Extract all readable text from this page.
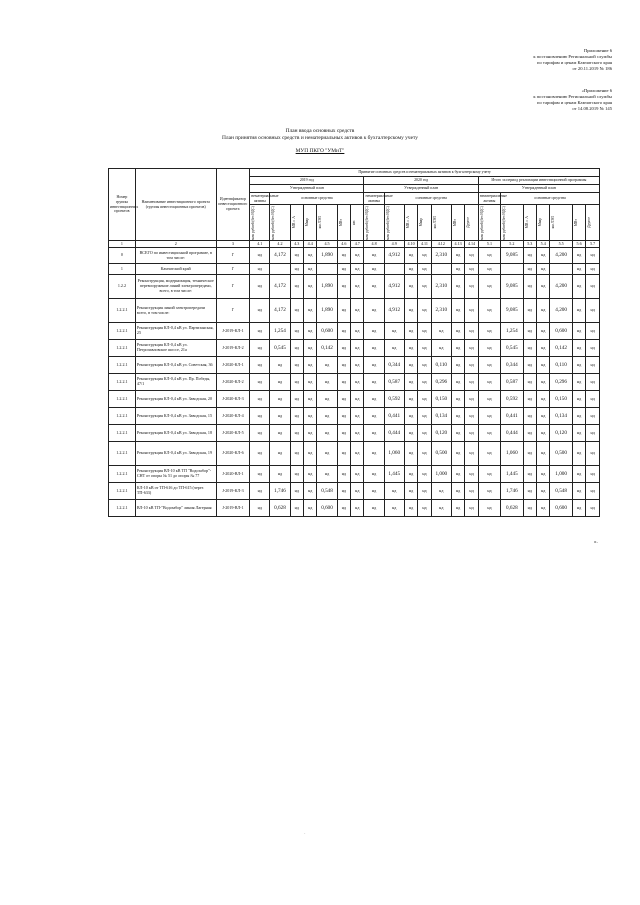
Приложение 6
к постановлению Региональной службы
по тарифам и ценам Камчатского края
от 20.11.2019 № 186
«Приложение 6
к постановлению Региональной службы
по тарифам и ценам Камчатского края
от 14.08.2019 № 145
План ввода основных средств
План принятия основных средств и нематериальных активов к бухгалтерскому учету
МУП ПКГО "УМиТ"
Номер группы инвестиционных проектов	Наименование инвестиционного проекта (группы инвестиционных проектов)	Идентификатор инвестиционного проекта	Принятие основных средств и нематериальных активов к бухгалтерскому учету																				
			2019 год							2020 год							Итого за период реализации инвестиционной программы						
			Утвержденный план							Утвержденный план							Утвержденный план						
			нематериальные активы	основные средства						нематериальные активы	основные средства						нематериальные активы	основные средства					

			млн рублей (без НДС)	млн рублей (без НДС)	МВ×А	Мвар	км ЛЭП	МВт	шт.	млн рублей (без НДС)	млн рублей (без НДС)	МВ×А	Мвар	км ЛЭП	МВт	Другое	млн рублей (без НДС)	млн рублей (без НДС)	МВ×А	Мвар	км ЛЭП	МВт	Другое

1	2	3	4.1	4.2	4.3	4.4	4.5	4.6	4.7	4.8	4.9	4.10	4.11	4.12	4.13	4.14	5.1	5.2	5.3	5.4	5.5	5.6	5.7
0	ВСЕГО по инвестиционной программе, в том числе:	Г	нд	4,172	нд	нд	1,890	нд	нд	нд	4,912	нд	нд	2,310	нд	нд	нд	9,085	нд	нд	4,200	нд	нд
1	Камчатский край	Г	нд		нд	нд		нд	нд	нд		нд	нд		нд	нд	нд		нд	нд		нд	нд
1.2.2	Реконструкция, модернизация, техническое перевооружение линий электропередачи, всего, в том числе:	Г	нд	4,172	нд	нд	1,890	нд	нд	нд	4,912	нд	нд	2,310	нд	нд	нд	9,085	нд	нд	4,200	нд	нд
1.2.2.1	Реконструкция линий электропередачи всего, в том числе:	Г	нд	4,172	нд	нд	1,890	нд	нд	нд	4,912	нд	нд	2,310	нд	нд	нд	9,085	нд	нд	4,200	нд	нд
1.2.2.1	Реконструкция КЛ-0,4 кВ ул. Партизанская, 25	J-2019-КЛ-1	нд	1,254	нд	нд	0,600	нд	нд	нд	нд	нд	нд	нд	нд	нд	нд	1,254	нд	нд	0,600	нд	нд
1.2.2.1	Реконструкция КЛ-0,4 кВ ул. Петропавловское шоссе, 21а	J-2019-КЛ-2	нд	0,545	нд	нд	0,142	нд	нд	нд	нд	нд	нд	нд	нд	нд	нд	0,545	нд	нд	0,142	нд	нд
1.2.2.1	Реконструкция КЛ-0,4 кВ ул. Советская, 36	J-2020-КЛ-1	нд	нд	нд	нд	нд	нд	нд	нд	0,344	нд	нд	0,110	нд	нд	нд	0,344	нд	нд	0,110	нд	нд
1.2.2.1	Реконструкция КЛ-0,4 кВ ул. Пр. Победы, 47/1	J-2020-КЛ-2	нд	нд	нд	нд	нд	нд	нд	нд	0,587	нд	нд	0,296	нд	нд	нд	0,587	нд	нд	0,296	нд	нд
1.2.2.1	Реконструкция КЛ-0,4 кВ ул. Заводская, 20	J-2020-КЛ-3	нд	нд	нд	нд	нд	нд	нд	нд	0,592	нд	нд	0,150	нд	нд	нд	0,592	нд	нд	0,150	нд	нд
1.2.2.1	Реконструкция КЛ-0,4 кВ ул. Заводская, 15	J-2020-КЛ-4	нд	нд	нд	нд	нд	нд	нд	нд	0,441	нд	нд	0,134	нд	нд	нд	0,441	нд	нд	0,134	нд	нд
1.2.2.1	Реконструкция КЛ-0,4 кВ ул. Заводская, 18	J-2020-КЛ-5	нд	нд	нд	нд	нд	нд	нд	нд	0,444	нд	нд	0,120	нд	нд	нд	0,444	нд	нд	0,120	нд	нд
1.2.2.1	Реконструкция КЛ-0,4 кВ ул. Заводская, 19	J-2020-КЛ-6	нд	нд	нд	нд	нд	нд	нд	нд	1,060	нд	нд	0,500	нд	нд	нд	1,060	нд	нд	0,500	нд	нд
1.2.2.1	Реконструкция ВЛ-10 кВ ТП "Водозабор"-СНТ от опоры № 51 до опоры № 77	J-2020-ВЛ-1	нд	нд	нд	нд	нд	нд	нд	нд	1,445	нд	нд	1,000	нд	нд	нд	1,445	нд	нд	1,000	нд	нд
1.2.2.1	КЛ-10 кВ от ТП-616 до ТП-615 (через ТП-633)	J-2019-КЛ-3	нд	1,746	нд	нд	0,548	нд	нд	нд	нд	нд	нд	нд	нд	нд	нд	1,746	нд	нд	0,548	нд	нд
1.2.2.1	ВЛ-10 кВ ТП-"Водозабор" линия Лагерная	J-2019-ВЛ-1	нд	0,628	нд	нд	0,600	нд	нд	нд	нд	нд	нд	нд	нд	нд	нд	0,628	нд	нд	0,600	нд	нд
».
·
